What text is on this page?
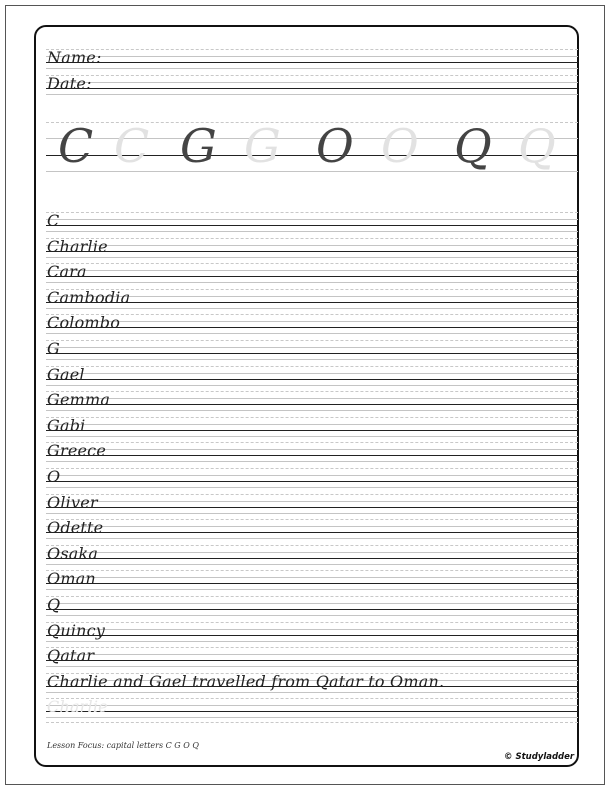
Name:
Date:
C C G G O O Q Q
C
Charlie
Cara
Cambodia
Colombo
G
Gael
Gemma
Gabi
Greece
O
Oliver
Odette
Osaka
Oman
Q
Quincy
Qatar
Charlie and Gael travelled from Qatar to Oman.
Charlie
Lesson Focus: capital letters C G O Q
© Studyladder
